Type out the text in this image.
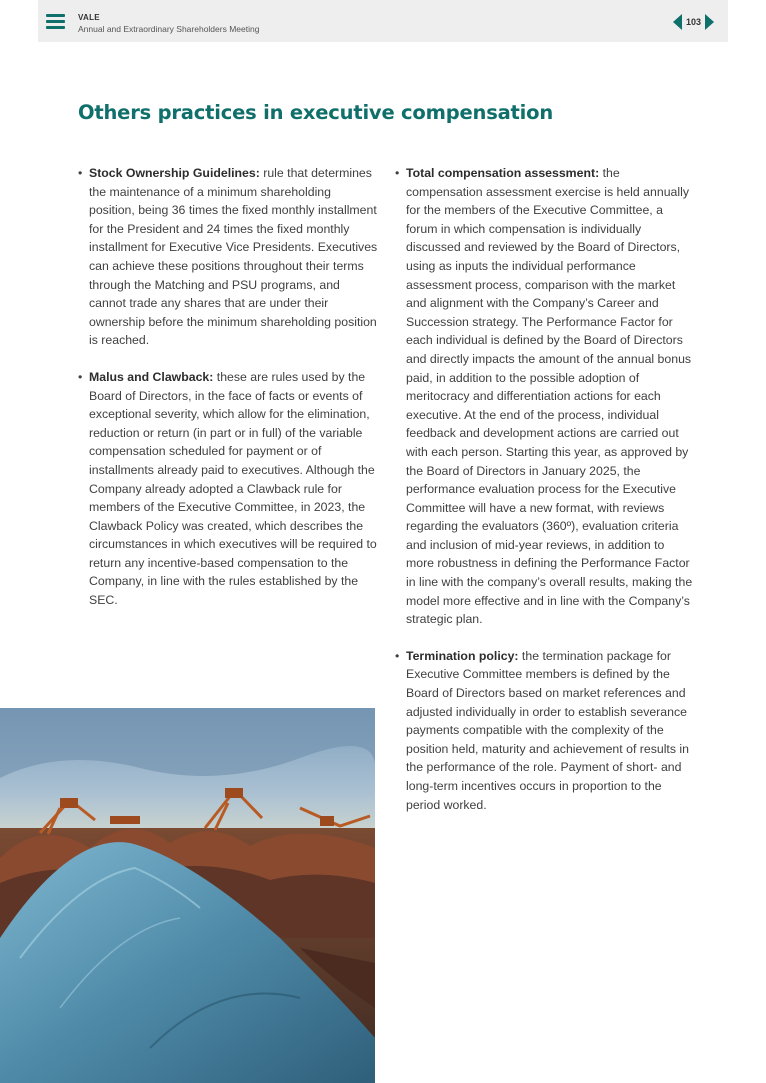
VALE
Annual and Extraordinary Shareholders Meeting
103
Others practices in executive compensation
• Stock Ownership Guidelines: rule that determines the maintenance of a minimum shareholding position, being 36 times the fixed monthly installment for the President and 24 times the fixed monthly installment for Executive Vice Presidents. Executives can achieve these positions throughout their terms through the Matching and PSU programs, and cannot trade any shares that are under their ownership before the minimum shareholding position is reached.
• Malus and Clawback: these are rules used by the Board of Directors, in the face of facts or events of exceptional severity, which allow for the elimination, reduction or return (in part or in full) of the variable compensation scheduled for payment or of installments already paid to executives. Although the Company already adopted a Clawback rule for members of the Executive Committee, in 2023, the Clawback Policy was created, which describes the circumstances in which executives will be required to return any incentive-based compensation to the Company, in line with the rules established by the SEC.
• Total compensation assessment: the compensation assessment exercise is held annually for the members of the Executive Committee, a forum in which compensation is individually discussed and reviewed by the Board of Directors, using as inputs the individual performance assessment process, comparison with the market and alignment with the Company’s Career and Succession strategy. The Performance Factor for each individual is defined by the Board of Directors and directly impacts the amount of the annual bonus paid, in addition to the possible adoption of meritocracy and differentiation actions for each executive. At the end of the process, individual feedback and development actions are carried out with each person. Starting this year, as approved by the Board of Directors in January 2025, the performance evaluation process for the Executive Committee will have a new format, with reviews regarding the evaluators (360º), evaluation criteria and inclusion of mid-year reviews, in addition to more robustness in defining the Performance Factor in line with the company’s overall results, making the model more effective and in line with the Company’s strategic plan.
• Termination policy: the termination package for Executive Committee members is defined by the Board of Directors based on market references and adjusted individually in order to establish severance payments compatible with the complexity of the position held, maturity and achievement of results in the performance of the role. Payment of short- and long-term incentives occurs in proportion to the period worked.
